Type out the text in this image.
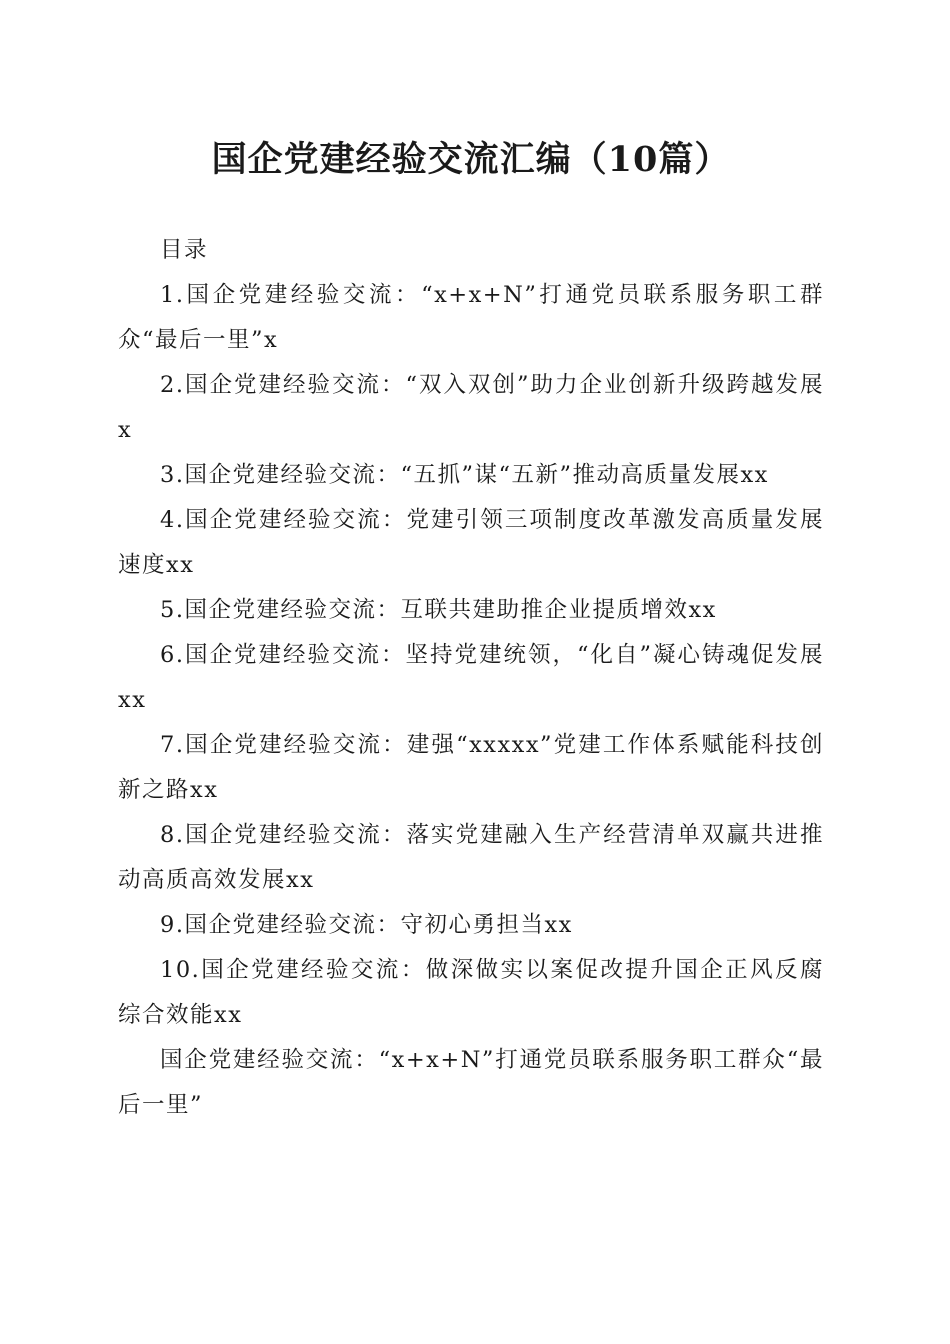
国企党建经验交流汇编（10篇）

目录

1.国企党建经验交流：“x+x+N”打通党员联系服务职工群众“最后一里”x

2.国企党建经验交流：“双入双创”助力企业创新升级跨越发展x

3.国企党建经验交流：“五抓”谋“五新”推动高质量发展xx

4.国企党建经验交流：党建引领三项制度改革激发高质量发展速度xx

5.国企党建经验交流：互联共建助推企业提质增效xx

6.国企党建经验交流：坚持党建统领，“化自”凝心铸魂促发展xx

7.国企党建经验交流：建强“xxxxx”党建工作体系赋能科技创新之路xx

8.国企党建经验交流：落实党建融入生产经营清单双赢共进推动高质高效发展xx

9.国企党建经验交流：守初心勇担当xx

10.国企党建经验交流：做深做实以案促改提升国企正风反腐综合效能xx

国企党建经验交流：“x+x+N”打通党员联系服务职工群众“最后一里”
